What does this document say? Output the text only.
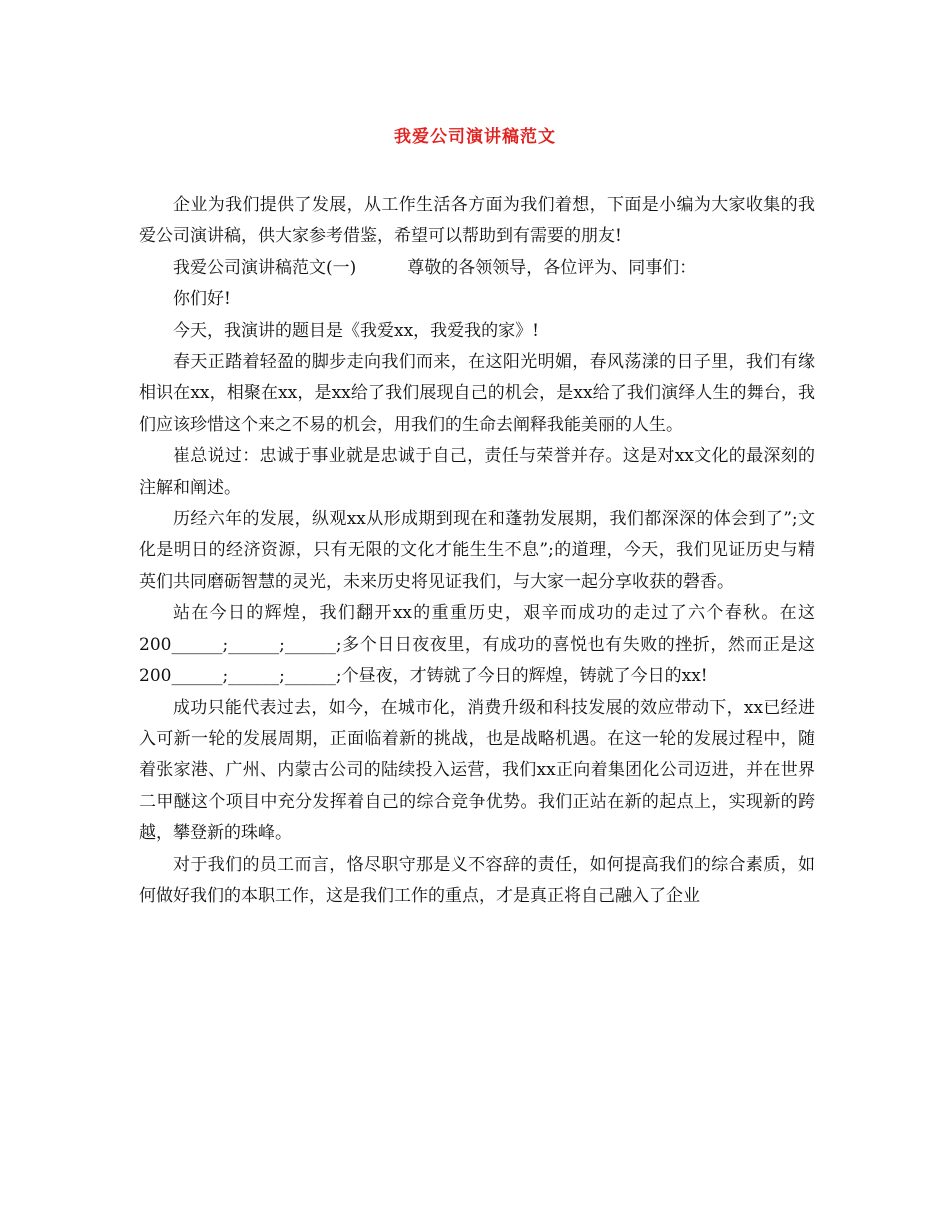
我爱公司演讲稿范文

企业为我们提供了发展，从工作生活各方面为我们着想，下面是小编为大家收集的我爱公司演讲稿，供大家参考借鉴，希望可以帮助到有需要的朋友!

我爱公司演讲稿范文(一)　　　尊敬的各领领导，各位评为、同事们：

你们好!

今天，我演讲的题目是《我爱xx，我爱我的家》!

春天正踏着轻盈的脚步走向我们而来，在这阳光明媚，春风荡漾的日子里，我们有缘相识在xx，相聚在xx，是xx给了我们展现自己的机会，是xx给了我们演绎人生的舞台，我们应该珍惜这个来之不易的机会，用我们的生命去阐释我能美丽的人生。

崔总说过：忠诚于事业就是忠诚于自己，责任与荣誉并存。这是对xx文化的最深刻的注解和阐述。

历经六年的发展，纵观xx从形成期到现在和蓬勃发展期，我们都深深的体会到了”;文化是明日的经济资源，只有无限的文化才能生生不息”;的道理，今天，我们见证历史与精英们共同磨砺智慧的灵光，未来历史将见证我们，与大家一起分享收获的磬香。

站在今日的辉煌，我们翻开xx的重重历史，艰辛而成功的走过了六个春秋。在这200______;______;______;多个日日夜夜里，有成功的喜悦也有失败的挫折，然而正是这200______;______;______;个昼夜，才铸就了今日的辉煌，铸就了今日的xx!

成功只能代表过去，如今，在城市化，消费升级和科技发展的效应带动下，xx已经进入可新一轮的发展周期，正面临着新的挑战，也是战略机遇。在这一轮的发展过程中，随着张家港、广州、内蒙古公司的陆续投入运营，我们xx正向着集团化公司迈进，并在世界二甲醚这个项目中充分发挥着自己的综合竞争优势。我们正站在新的起点上，实现新的跨越，攀登新的珠峰。

对于我们的员工而言，恪尽职守那是义不容辞的责任，如何提高我们的综合素质，如何做好我们的本职工作，这是我们工作的重点，才是真正将自己融入了企业
